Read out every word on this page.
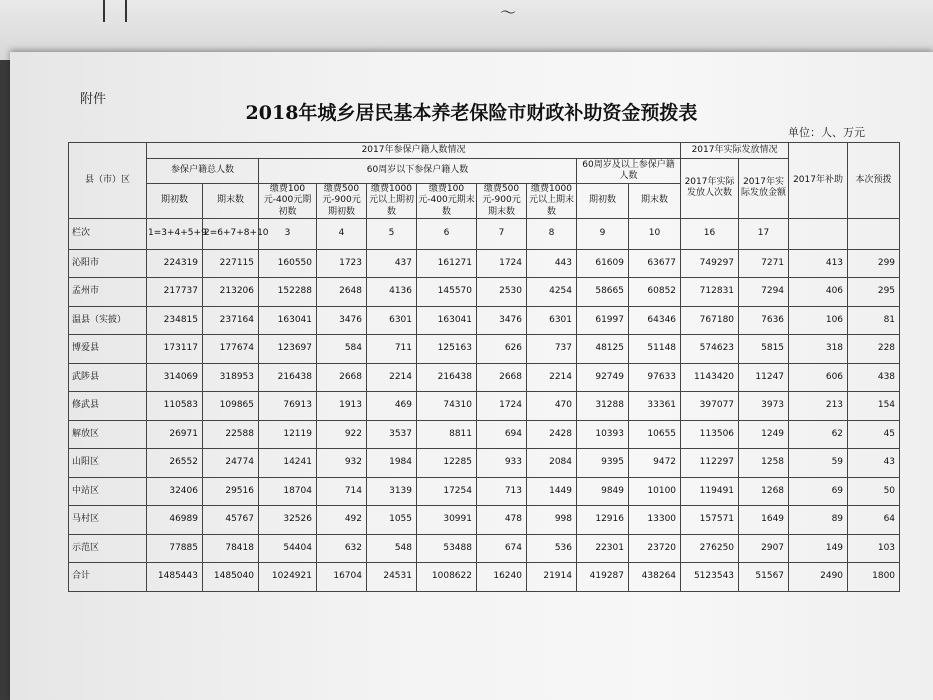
～
附件
2018年城乡居民基本养老保险市财政补助资金预拨表
单位：人、万元
县（市）区	2017年参保户籍人数情况										2017年实际发放情况		2017年补助	本次预拨
	参保户籍总人数		60周岁以下参保户籍人数						60周岁及以上参保户籍人数		2017年实际发放人次数	2017年实际发放金额		
	期初数	期末数	缴费100元-400元期初数	缴费500元-900元期初数	缴费1000元以上期初数	缴费100元-400元期末数	缴费500元-900元期末数	缴费1000元以上期末数	期初数	期末数				
栏次	1=3+4+5+9	2=6+7+8+10	3	4	5	6	7	8	9	10	16	17		
沁阳市	224319	227115	160550	1723	437	161271	1724	443	61609	63677	749297	7271	413	299
孟州市	217737	213206	152288	2648	4136	145570	2530	4254	58665	60852	712831	7294	406	295
温县（实披）	234815	237164	163041	3476	6301	163041	3476	6301	61997	64346	767180	7636	106	81
博爱县	173117	177674	123697	584	711	125163	626	737	48125	51148	574623	5815	318	228
武陟县	314069	318953	216438	2668	2214	216438	2668	2214	92749	97633	1143420	11247	606	438
修武县	110583	109865	76913	1913	469	74310	1724	470	31288	33361	397077	3973	213	154
解放区	26971	22588	12119	922	3537	8811	694	2428	10393	10655	113506	1249	62	45
山阳区	26552	24774	14241	932	1984	12285	933	2084	9395	9472	112297	1258	59	43
中站区	32406	29516	18704	714	3139	17254	713	1449	9849	10100	119491	1268	69	50
马村区	46989	45767	32526	492	1055	30991	478	998	12916	13300	157571	1649	89	64
示范区	77885	78418	54404	632	548	53488	674	536	22301	23720	276250	2907	149	103
合计	1485443	1485040	1024921	16704	24531	1008622	16240	21914	419287	438264	5123543	51567	2490	1800
